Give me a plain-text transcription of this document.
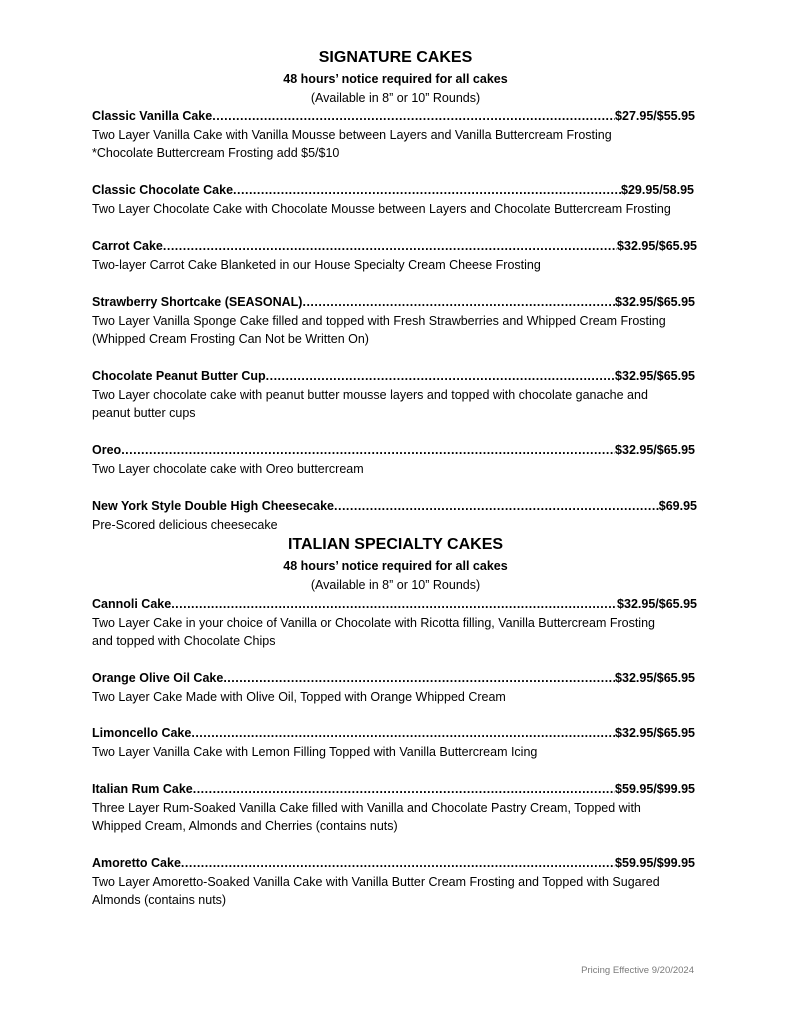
SIGNATURE CAKES
48 hours’ notice required for all cakes
(Available in 8” or 10” Rounds)
Classic Vanilla Cake .....	$27.95/$55.95
Two Layer Vanilla Cake with Vanilla Mousse between Layers and Vanilla Buttercream Frosting
*Chocolate Buttercream Frosting add $5/$10
Classic Chocolate Cake .....	$29.95/58.95
Two Layer Chocolate Cake with Chocolate Mousse between Layers and Chocolate Buttercream Frosting
Carrot Cake .....	$32.95/$65.95
Two-layer Carrot Cake Blanketed in our House Specialty Cream Cheese Frosting
Strawberry Shortcake (SEASONAL) .....	$32.95/$65.95
Two Layer Vanilla Sponge Cake filled and topped with Fresh Strawberries and Whipped Cream Frosting
(Whipped Cream Frosting Can Not be Written On)
Chocolate Peanut Butter Cup .....	$32.95/$65.95
Two Layer chocolate cake with peanut butter mousse layers and topped with chocolate ganache and
peanut butter cups
Oreo .....	$32.95/$65.95
Two Layer chocolate cake with Oreo buttercream
New York Style Double High Cheesecake .....	$69.95
Pre-Scored delicious cheesecake
ITALIAN SPECIALTY CAKES
48 hours’ notice required for all cakes
(Available in 8” or 10” Rounds)
Cannoli Cake .....	$32.95/$65.95
Two Layer Cake in your choice of Vanilla or Chocolate with Ricotta filling, Vanilla Buttercream Frosting
and topped with Chocolate Chips
Orange Olive Oil Cake .....	$32.95/$65.95
Two Layer Cake Made with Olive Oil, Topped with Orange Whipped Cream
Limoncello Cake .....	$32.95/$65.95
Two Layer Vanilla Cake with Lemon Filling Topped with Vanilla Buttercream Icing
Italian Rum Cake .....	$59.95/$99.95
Three Layer Rum-Soaked Vanilla Cake filled with Vanilla and Chocolate Pastry Cream, Topped with
Whipped Cream, Almonds and Cherries (contains nuts)
Amoretto Cake .....	$59.95/$99.95
Two Layer Amoretto-Soaked Vanilla Cake with Vanilla Butter Cream Frosting and Topped with Sugared
Almonds (contains nuts)
Pricing Effective 9/20/2024
